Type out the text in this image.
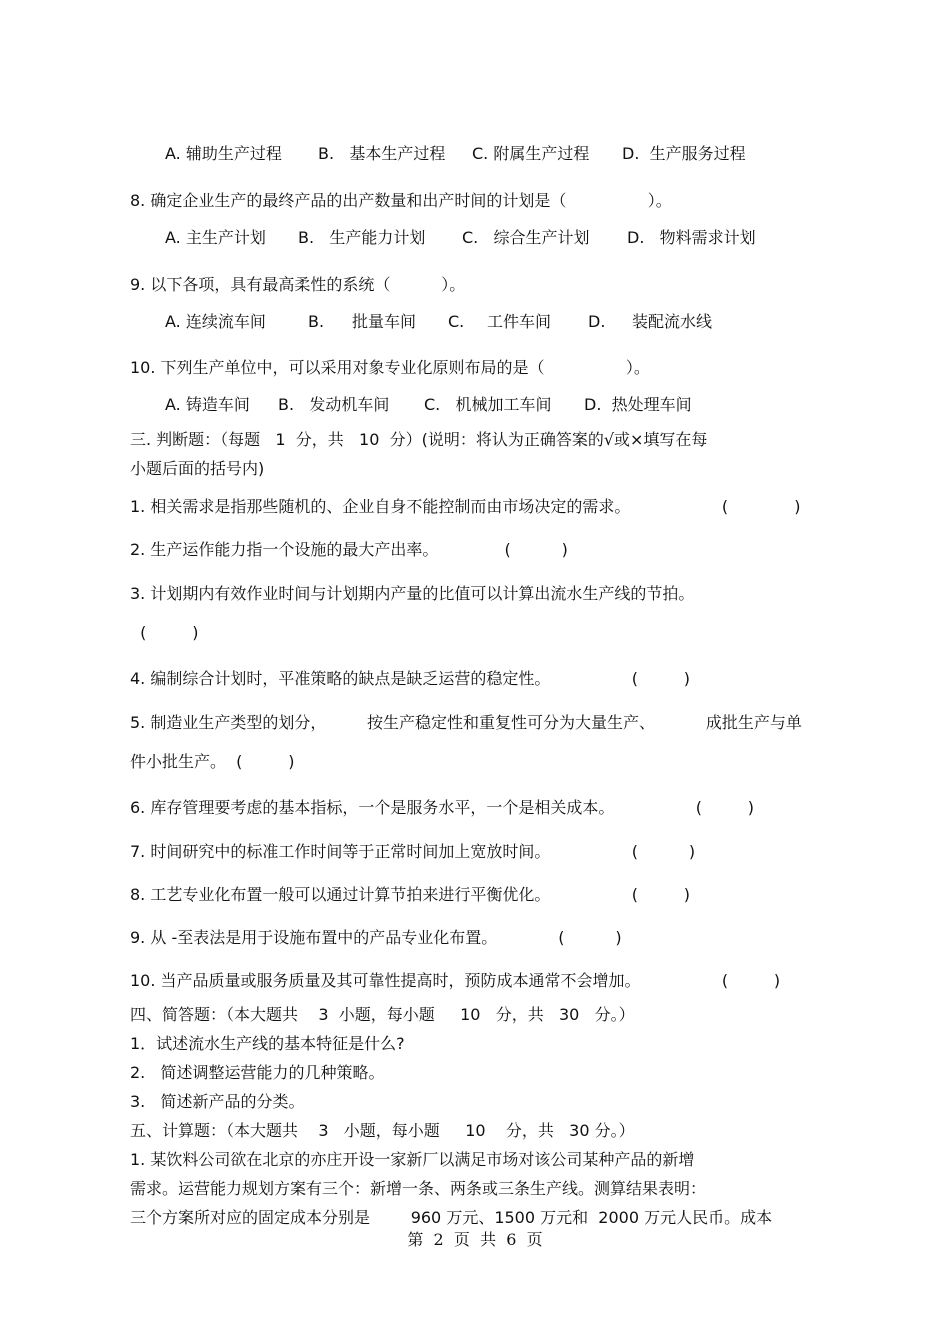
A. 辅助生产过程 B.   基本生产过程 C. 附属生产过程 D.  生产服务过程
8. 确定企业生产的最终产品的出产数量和出产时间的计划是（                ）。
A. 主生产计划 B.   生产能力计划 C.   综合生产计划 D.   物料需求计划
9. 以下各项，具有最高柔性的系统（          ）。
A. 连续流车间	B. 批量车间 C. 工件车间 D. 装配流水线
10. 下列生产单位中，可以采用对象专业化原则布局的是（                ）。
A. 铸造车间 B.   发动机车间 C.   机械加工车间 D.  热处理车间
三. 判断题：（每题   1  分，共   10  分）(说明：将认为正确答案的√或×填写在每
小题后面的括号内)
1. 相关需求是指那些随机的、企业自身不能控制而由市场决定的需求。                  (             )
2. 生产运作能力指一个设施的最大产出率。             (          )
3. 计划期内有效作业时间与计划期内产量的比值可以计算出流水生产线的节拍。
(         )
4. 编制综合计划时，平准策略的缺点是缺乏运营的稳定性。                (         )
5. 制造业生产类型的划分，        按生产稳定性和重复性可分为大量生产、          成批生产与单
件小批生产。  (         )
6. 库存管理要考虑的基本指标，一个是服务水平，一个是相关成本。                (         )
7. 时间研究中的标准工作时间等于正常时间加上宽放时间。                (          )
8. 工艺专业化布置一般可以通过计算节拍来进行平衡优化。                (         )
9. 从 -至表法是用于设施布置中的产品专业化布置。            (          )
10. 当产品质量或服务质量及其可靠性提高时，预防成本通常不会增加。                (         )
四、简答题：（本大题共    3  小题，每小题     10   分，共   30   分。）
1．试述流水生产线的基本特征是什么?
2.   简述调整运营能力的几种策略。
3.   简述新产品的分类。
五、计算题：（本大题共    3   小题，每小题     10    分，共   30 分。）
1. 某饮料公司欲在北京的亦庄开设一家新厂以满足市场对该公司某种产品的新增
需求。运营能力规划方案有三个：新增一条、两条或三条生产线。测算结果表明：
三个方案所对应的固定成本分别是        960 万元、1500 万元和  2000 万元人民币。成本
第  2  页  共  6  页
